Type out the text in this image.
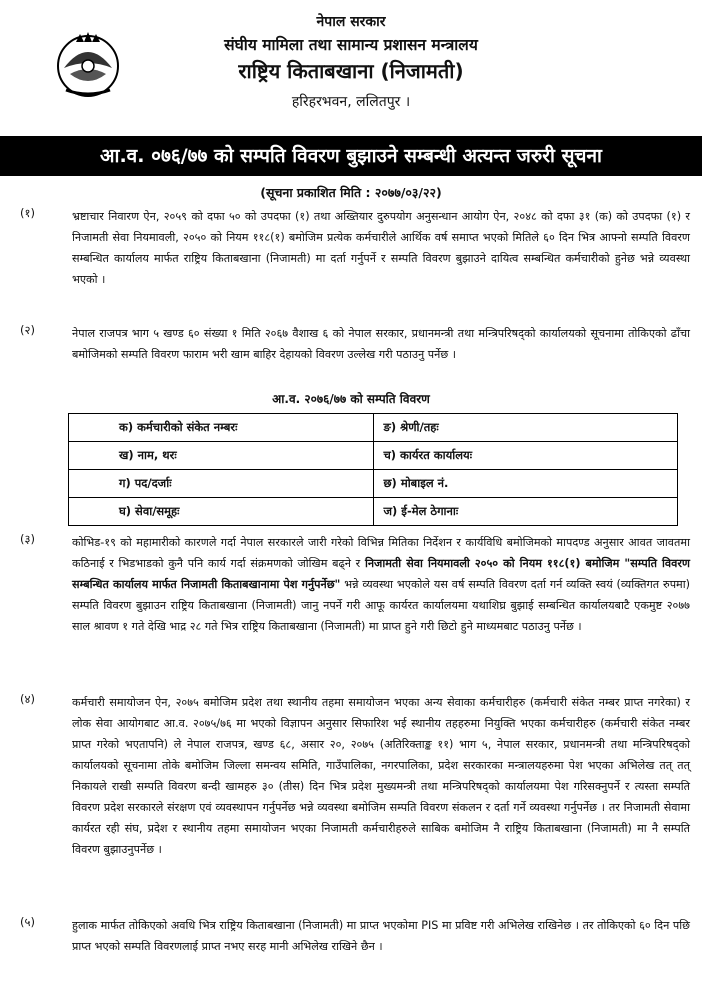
नेपाल सरकार
संघीय मामिला तथा सामान्य प्रशासन मन्त्रालय
राष्ट्रिय किताबखाना (निजामती)
हरिहरभवन, ललितपुर ।
आ.व. ०७६/७७ को सम्पति विवरण बुझाउने सम्बन्धी अत्यन्त जरुरी सूचना
(सूचना प्रकाशित मिति : २०७७/०३/२२)
(१)	भ्रष्टाचार निवारण ऐन, २०५९ को दफा ५० को उपदफा (१) तथा अख्तियार दुरुपयोग अनुसन्धान आयोग ऐन, २०४८ को दफा ३१ (क) को उपदफा (१) र निजामती सेवा नियमावली, २०५० को नियम ११८(१) बमोजिम प्रत्येक कर्मचारीले आर्थिक वर्ष समाप्त भएको मितिले ६० दिन भित्र आफ्नो सम्पति विवरण सम्बन्धित कार्यालय मार्फत राष्ट्रिय किताबखाना (निजामती) मा दर्ता गर्नुपर्ने र सम्पति विवरण बुझाउने दायित्व सम्बन्धित कर्मचारीको हुनेछ भन्ने व्यवस्था भएको ।
(२)	नेपाल राजपत्र भाग ५ खण्ड ६० संख्या १ मिति २०६७ वैशाख ६ को नेपाल सरकार, प्रधानमन्त्री तथा मन्त्रिपरिषद्को कार्यालयको सूचनामा तोकिएको ढाँचा बमोजिमको सम्पति विवरण फाराम भरी खाम बाहिर देहायको विवरण उल्लेख गरी पठाउनु पर्नेछ ।
आ.व. २०७६/७७ को सम्पति विवरण
क) कर्मचारीको संकेत नम्बरः	ङ) श्रेणी/तहः
ख) नाम, थरः	च) कार्यरत कार्यालयः
ग) पद/दर्जाः	छ) मोबाइल नं.
घ) सेवा/समूहः	ज) ई-मेल ठेगानाः
(३)	कोभिड-१९ को महामारीको कारणले गर्दा नेपाल सरकारले जारी गरेको विभिन्न मितिका निर्देशन र कार्यविधि बमोजिमको मापदण्ड अनुसार आवत जावतमा कठिनाई र भिडभाडको कुनै पनि कार्य गर्दा संक्रमणको जोखिम बढ्ने र निजामती सेवा नियमावली २०५० को नियम ११८(१) बमोजिम "सम्पति विवरण सम्बन्धित कार्यालय मार्फत निजामती किताबखानामा पेश गर्नुपर्नेछ" भन्ने व्यवस्था भएकोले यस वर्ष सम्पति विवरण दर्ता गर्न व्यक्ति स्वयं (व्यक्तिगत रुपमा) सम्पति विवरण बुझाउन राष्ट्रिय किताबखाना (निजामती) जानु नपर्ने गरी आफू कार्यरत कार्यालयमा यथाशिघ्र बुझाई सम्बन्धित कार्यालयबाटै एकमुष्ट २०७७ साल श्रावण १ गते देखि भाद्र २८ गते भित्र राष्ट्रिय किताबखाना (निजामती) मा प्राप्त हुने गरी छिटो हुने माध्यमबाट पठाउनु पर्नेछ ।
(४)	कर्मचारी समायोजन ऐन, २०७५ बमोजिम प्रदेश तथा स्थानीय तहमा समायोजन भएका अन्य सेवाका कर्मचारीहरु (कर्मचारी संकेत नम्बर प्राप्त नगरेका) र लोक सेवा आयोगबाट आ.व. २०७५/७६ मा भएको विज्ञापन अनुसार सिफारिश भई स्थानीय तहहरुमा नियुक्ति भएका कर्मचारीहरु (कर्मचारी संकेत नम्बर प्राप्त गरेको भएतापनि) ले नेपाल राजपत्र, खण्ड ६८, असार २०, २०७५ (अतिरिक्ताङ्क ११) भाग ५, नेपाल सरकार, प्रधानमन्त्री तथा मन्त्रिपरिषद्को कार्यालयको सूचनामा तोके बमोजिम जिल्ला समन्वय समिति, गाउँपालिका, नगरपालिका, प्रदेश सरकारका मन्त्रालयहरुमा पेश भएका अभिलेख तत् तत् निकायले राखी सम्पति विवरण बन्दी खामहरु ३० (तीस) दिन भित्र प्रदेश मुख्यमन्त्री तथा मन्त्रिपरिषद्को कार्यालयमा पेश गरिसक्नुपर्ने र त्यस्ता सम्पति विवरण प्रदेश सरकारले संरक्षण एवं व्यवस्थापन गर्नुपर्नेछ भन्ने व्यवस्था बमोजिम सम्पति विवरण संकलन र दर्ता गर्ने व्यवस्था गर्नुपर्नेछ । तर निजामती सेवामा कार्यरत रही संघ, प्रदेश र स्थानीय तहमा समायोजन भएका निजामती कर्मचारीहरुले साबिक बमोजिम नै राष्ट्रिय किताबखाना (निजामती) मा नै सम्पति विवरण बुझाउनुपर्नेछ ।
(५)	हुलाक मार्फत तोकिएको अवधि भित्र राष्ट्रिय किताबखाना (निजामती) मा प्राप्त भएकोमा PIS मा प्रविष्ट गरी अभिलेख राखिनेछ । तर तोकिएको ६० दिन पछि प्राप्त भएको सम्पति विवरणलाई प्राप्त नभए सरह मानी अभिलेख राखिने छैन ।
